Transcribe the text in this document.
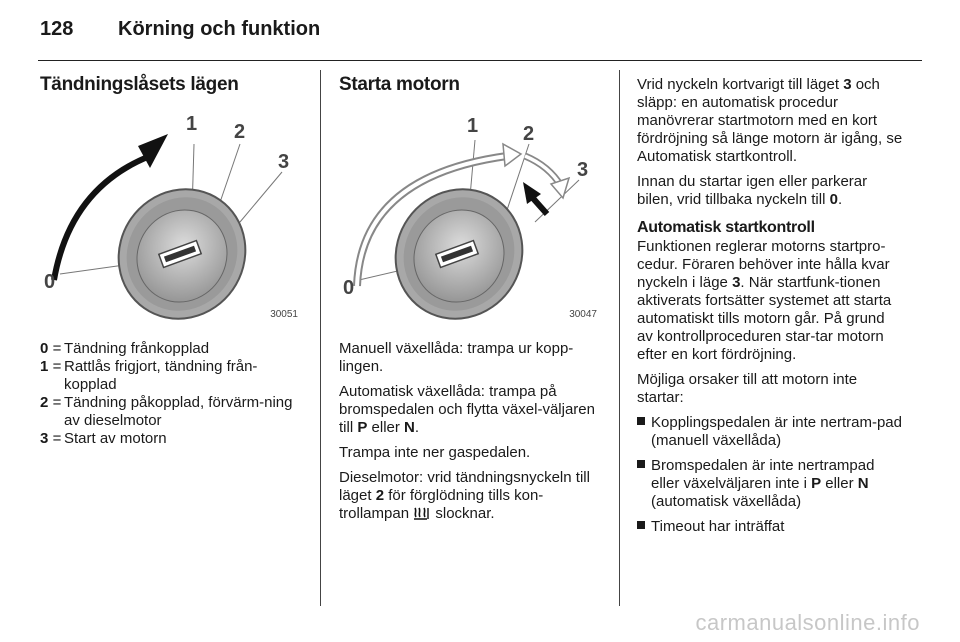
128 Körning och funktion
Tändningslåsets lägen
1 2
3
0
30051
0 = Tändning frånkopplad
1 = Rattlås frigjort, tändning från-kopplad
2 = Tändning påkopplad, förvärm-ning av dieselmotor
3 = Start av motorn
Starta motorn
1 2
3
0
30047

Manuell växellåda: trampa ur kopp-lingen.

Automatisk växellåda: trampa på bromspedalen och flytta växel-väljaren till P eller N.

Trampa inte ner gaspedalen.

Dieselmotor: vrid tändningsnyckeln till läget 2 för förglödning tills kon-trollampan  slocknar.

Vrid nyckeln kortvarigt till läget 3 och släpp: en automatisk procedur manövrerar startmotorn med en kort fördröjning så länge motorn är igång, se Automatisk startkontroll.

Innan du startar igen eller parkerar bilen, vrid tillbaka nyckeln till 0.

Automatisk startkontroll

Funktionen reglerar motorns startpro-cedur. Föraren behöver inte hålla kvar nyckeln i läge 3. När startfunk-tionen aktiverats fortsätter systemet att starta automatiskt tills motorn går. På grund av kontrollproceduren star-tar motorn efter en kort fördröjning.

Möjliga orsaker till att motorn inte startar:

Kopplingspedalen är inte nertram-pad (manuell växellåda)
Bromspedalen är inte nertrampad eller växelväljaren inte i P eller N (automatisk växellåda)
Timeout har inträffat
carmanualsonline.info
